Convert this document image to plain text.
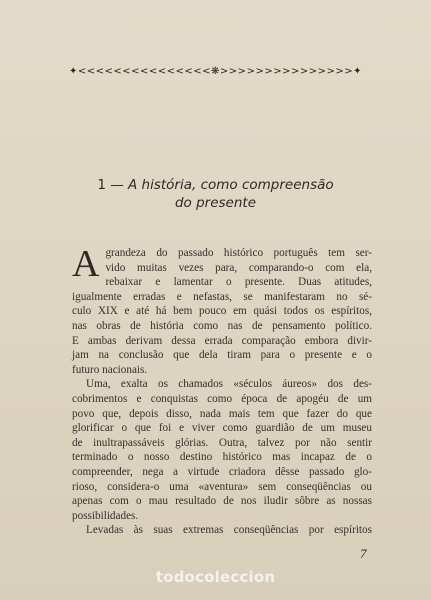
✦<<<<<<<<<<<<<<<❋>>>>>>>>>>>>>>>✦
1 — A história, como compreensão
do presente

A grandeza do passado histórico português tem ser-
vido muitas vezes para, comparando-o com ela,
rebaixar e lamentar o presente. Duas atitudes,
igualmente erradas e nefastas, se manifestaram no sé-
culo XIX e até há bem pouco em quási todos os espíritos,
nas obras de história como nas de pensamento político.
E ambas derivam dessa errada comparação embora divir-
jam na conclusão que dela tiram para o presente e o
futuro nacionais.

Uma, exalta os chamados «séculos áureos» dos des-
cobrimentos e conquistas como época de apogéu de um
povo que, depois disso, nada mais tem que fazer do que
glorificar o que foi e viver como guardião de um museu
de inultrapassáveis glórias. Outra, talvez por não sentir
terminado o nosso destino histórico mas incapaz de o
compreender, nega a virtude criadora dêsse passado glo-
rioso, considera-o uma «aventura» sem conseqüências ou
apenas com o mau resultado de nos iludir sôbre as nossas
possibilidades.

Levadas às suas extremas conseqüências por espíritos

7
todocoleccion
